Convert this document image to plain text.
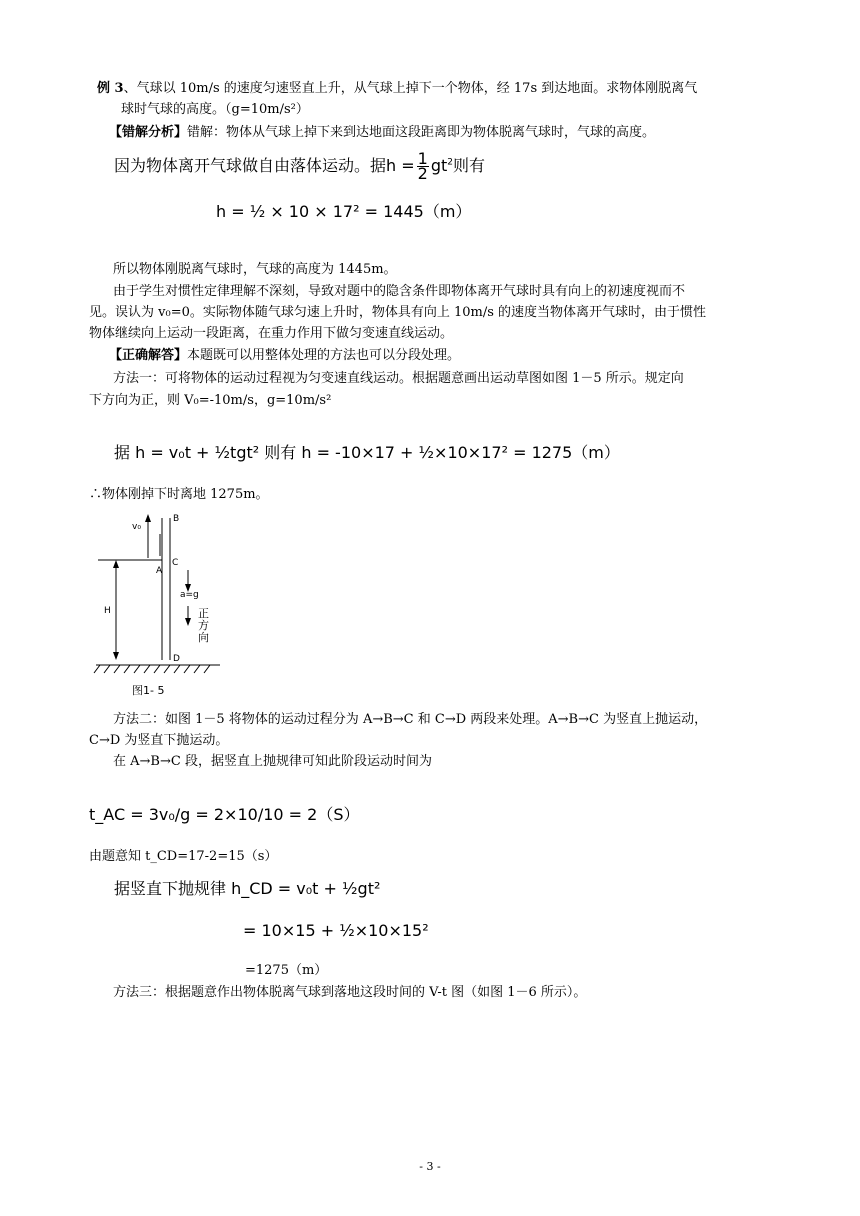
例 3、气球以 10m/s 的速度匀速竖直上升，从气球上掉下一个物体，经 17s 到达地面。求物体刚脱离气
球时气球的高度。（g=10m/s²）
【错解分析】错解：物体从气球上掉下来到达地面这段距离即为物体脱离气球时，气球的高度。
因为物体离开气球做自由落体运动。据$h = \frac{1}{2} gt^2$则有
h = ½ × 10 × 17² = 1445（m）
所以物体刚脱离气球时，气球的高度为 1445m。
由于学生对惯性定律理解不深刻，导致对题中的隐含条件即物体离开气球时具有向上的初速度视而不
见。误认为 v₀=0。实际物体随气球匀速上升时，物体具有向上 10m/s 的速度当物体离开气球时，由于惯性
物体继续向上运动一段距离，在重力作用下做匀变速直线运动。
【正确解答】本题既可以用整体处理的方法也可以分段处理。
方法一：可将物体的运动过程视为匀变速直线运动。根据题意画出运动草图如图 1－5 所示。规定向
下方向为正，则 V₀=-10m/s，g=10m/s²
据 h = v₀t + ½tgt² 则有 h = -10×17 + ½×10×17² = 1275（m）
∴物体刚掉下时离地 1275m。
v₀
B
A
C
H
a=g
正方向
D
图1- 5
方法二：如图 1－5 将物体的运动过程分为 A→B→C 和 C→D 两段来处理。A→B→C 为竖直上抛运动，
C→D 为竖直下抛运动。
在 A→B→C 段，据竖直上抛规律可知此阶段运动时间为
t_AC = 3v₀/g = 2×10/10 = 2（S）
由题意知 t_CD=17-2=15（s）
据竖直下抛规律 h_CD = v₀t + ½gt²
= 10×15 + ½×10×15²
=1275（m）
方法三：根据题意作出物体脱离气球到落地这段时间的 V-t 图（如图 1－6 所示）。
- 3 -
